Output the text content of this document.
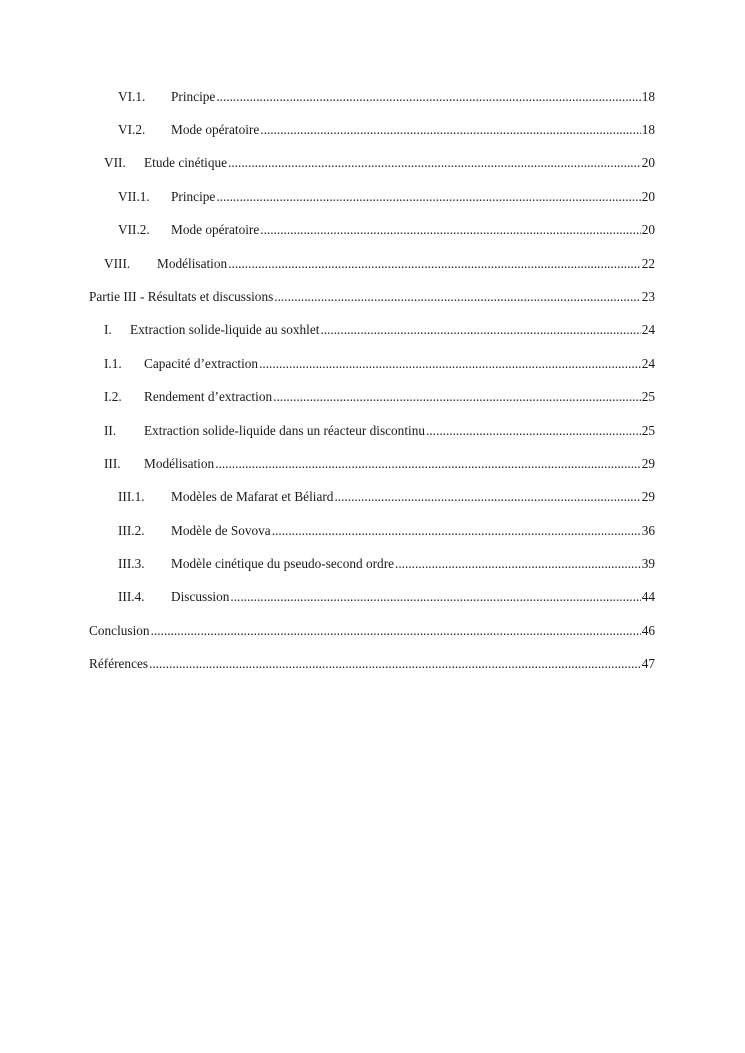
VI.1. Principe .....	18
VI.2. Mode opératoire .....	18
VII. Etude cinétique .....	20
VII.1. Principe .....	20
VII.2. Mode opératoire .....	20
VIII. Modélisation .....	22
Partie III - Résultats et discussions .....	23
I. Extraction solide-liquide au soxhlet .....	24
I.1. Capacité d’extraction .....	24
I.2. Rendement d’extraction .....	25
II. Extraction solide-liquide dans un réacteur discontinu .....	25
III. Modélisation .....	29
III.1. Modèles de Mafarat et Béliard .....	29
III.2. Modèle de Sovova .....	36
III.3. Modèle cinétique du pseudo-second ordre .....	39
III.4. Discussion .....	44
Conclusion .....	46
Références .....	47
